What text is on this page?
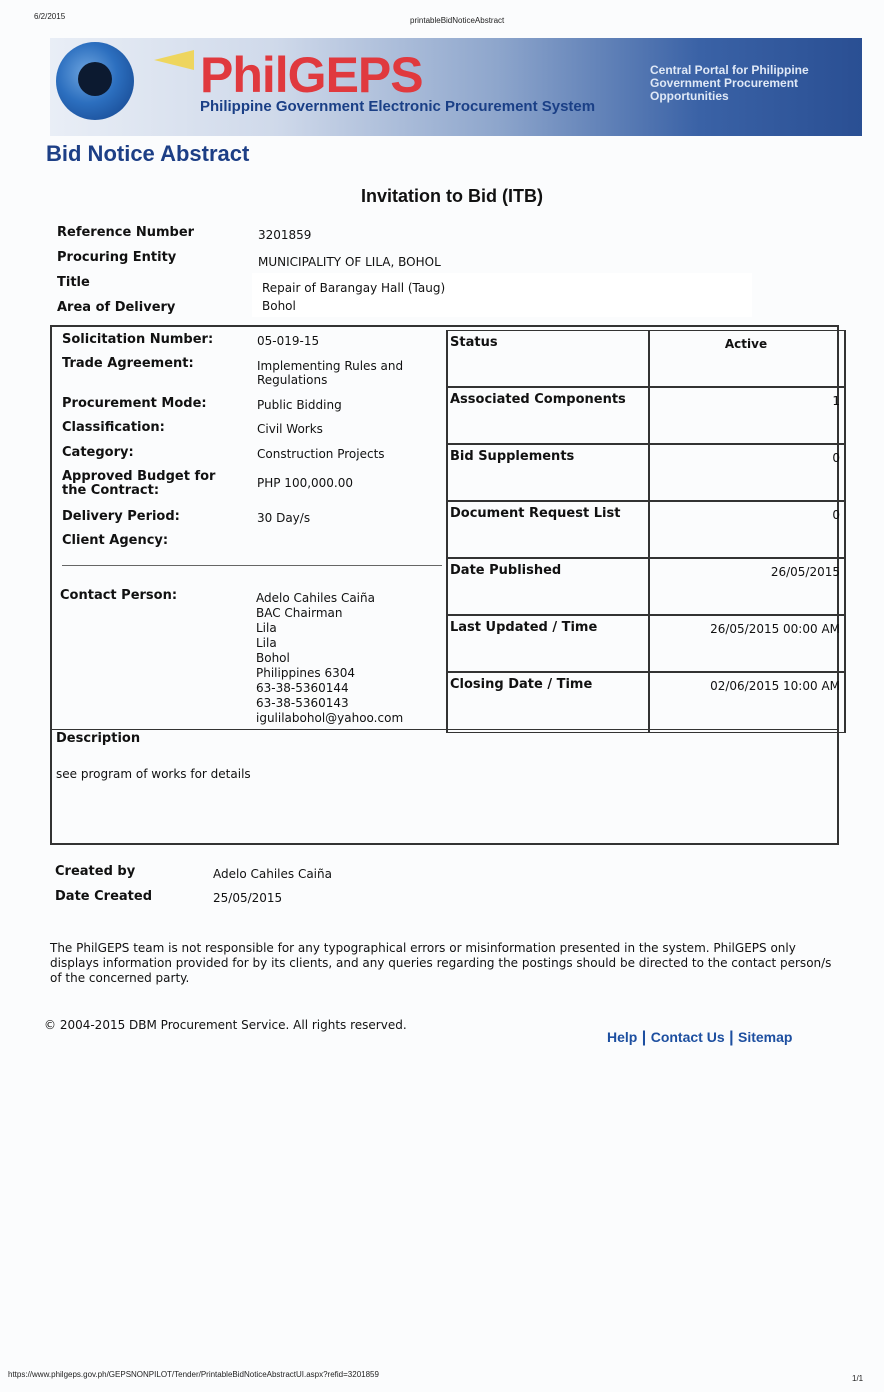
6/2/2015	printableBidNoticeAbstract
PhilGEPS
Philippine Government Electronic Procurement System
Central Portal for Philippine Government Procurement Opportunities
Bid Notice Abstract
Invitation to Bid (ITB)
Reference Number	3201859
Procuring Entity	MUNICIPALITY OF LILA, BOHOL
Title	Repair of Barangay Hall (Taug)
Area of Delivery	Bohol
Solicitation Number:	05-019-15
Trade Agreement:	Implementing Rules and Regulations
Procurement Mode:	Public Bidding
Classification:	Civil Works
Category:	Construction Projects
Approved Budget for the Contract:	PHP 100,000.00
Delivery Period:	30 Day/s
Client Agency:
Contact Person:	Adelo Cahiles Caiña
BAC Chairman
Lila
Lila
Bohol
Philippines 6304
63-38-5360144
63-38-5360143
igulilabohol@yahoo.com
Status	Active
Associated Components	1
Bid Supplements	0
Document Request List	0
Date Published	26/05/2015
Last Updated / Time	26/05/2015 00:00 AM
Closing Date / Time	02/06/2015 10:00 AM
Description
see program of works for details
Created by	Adelo Cahiles Caiña
Date Created	25/05/2015
The PhilGEPS team is not responsible for any typographical errors or misinformation presented in the system. PhilGEPS only displays information provided for by its clients, and any queries regarding the postings should be directed to the contact person/s of the concerned party.
© 2004-2015 DBM Procurement Service. All rights reserved.
Help | Contact Us | Sitemap
https://www.philgeps.gov.ph/GEPSNONPILOT/Tender/PrintableBidNoticeAbstractUI.aspx?refid=3201859	1/1
